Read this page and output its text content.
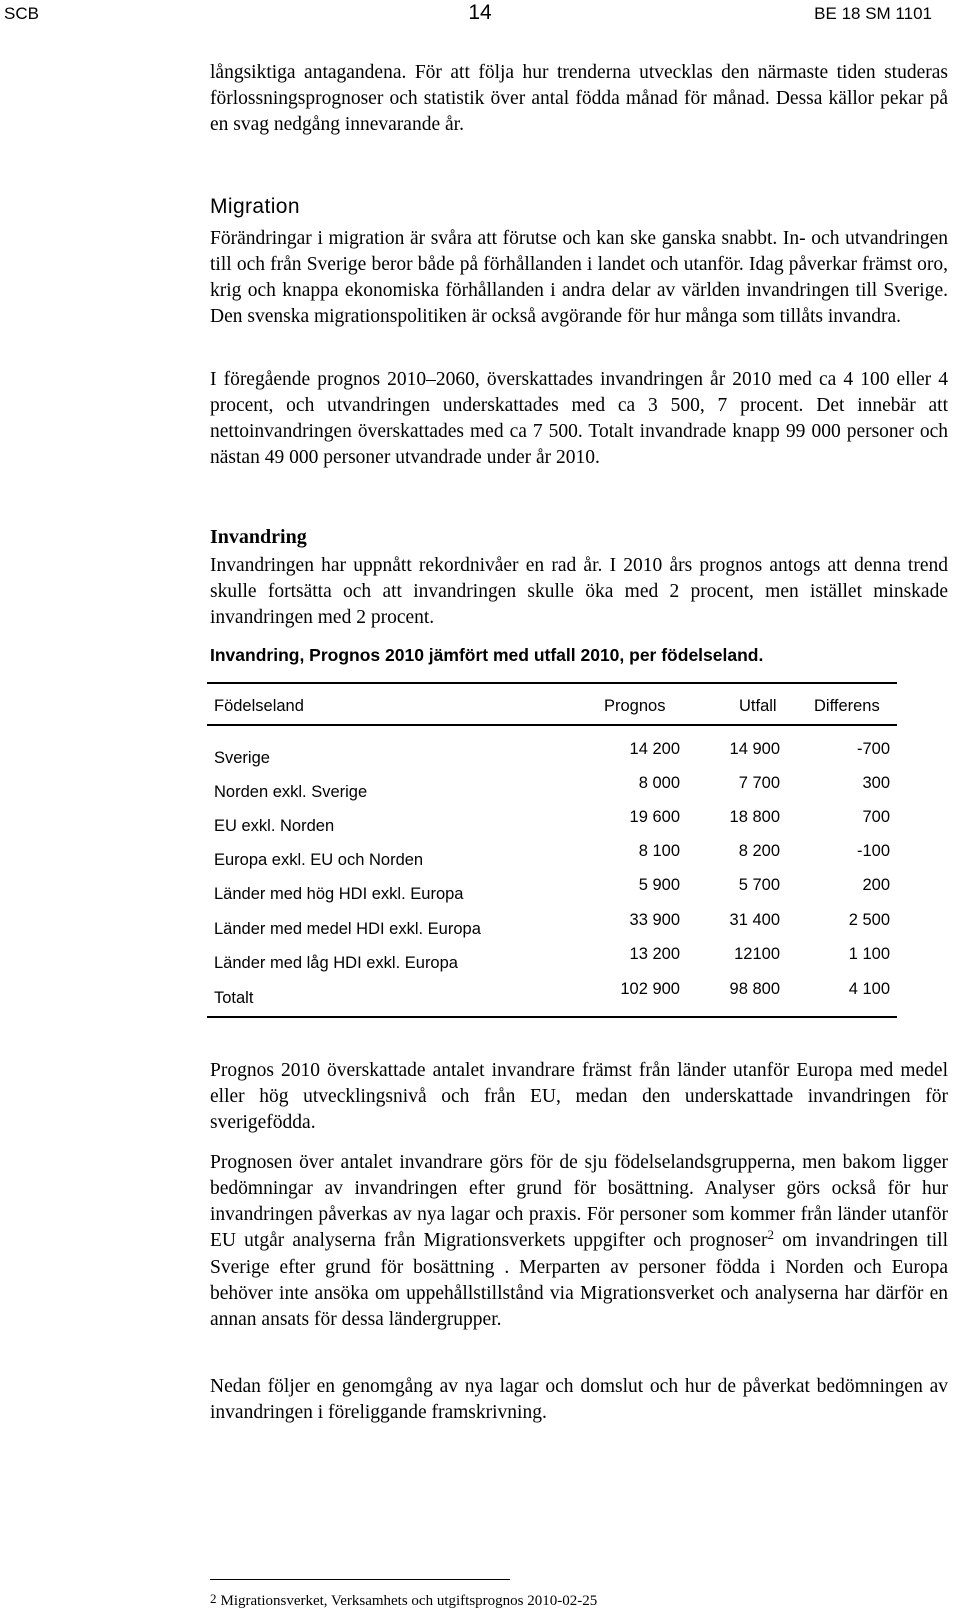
SCB	14	BE 18 SM 1101

långsiktiga antagandena. För att följa hur trenderna utvecklas den närmaste tiden studeras förlossningsprognoser och statistik över antal födda månad för månad. Dessa källor pekar på en svag nedgång innevarande år.

Migration

Förändringar i migration är svåra att förutse och kan ske ganska snabbt. In- och utvandringen till och från Sverige beror både på förhållanden i landet och utanför. Idag påverkar främst oro, krig och knappa ekonomiska förhållanden i andra delar av världen invandringen till Sverige. Den svenska migrationspolitiken är också avgörande för hur många som tillåts invandra.

I föregående prognos 2010–2060, överskattades invandringen år 2010 med ca 4 100 eller 4 procent, och utvandringen underskattades med ca 3 500, 7 procent. Det innebär att nettoinvandringen överskattades med ca 7 500. Totalt invandrade knapp 99 000 personer och nästan 49 000 personer utvandrade under år 2010.

Invandring

Invandringen har uppnått rekordnivåer en rad år. I 2010 års prognos antogs att denna trend skulle fortsätta och att invandringen skulle öka med 2 procent, men istället minskade invandringen med 2 procent.

Invandring, Prognos 2010 jämfört med utfall 2010, per födelseland.
Födelseland	Prognos	Utfall Differens
Sverige	14 200	14 900	-700
Norden exkl. Sverige	8 000	7 700	300
EU exkl. Norden	19 600	18 800	700
Europa exkl. EU och Norden	8 100	8 200	-100
Länder med hög HDI exkl. Europa	5 900	5 700	200
Länder med medel HDI exkl. Europa	33 900	31 400	2 500
Länder med låg HDI exkl. Europa	13 200	12100	1 100
Totalt	102 900	98 800	4 100

Prognos 2010 överskattade antalet invandrare främst från länder utanför Europa med medel eller hög utvecklingsnivå och från EU, medan den underskattade invandringen för sverigefödda.

Prognosen över antalet invandrare görs för de sju födelselandsgrupperna, men bakom ligger bedömningar av invandringen efter grund för bosättning. Analyser görs också för hur invandringen påverkas av nya lagar och praxis. För personer som kommer från länder utanför EU utgår analyserna från Migrationsverkets uppgifter och prognoser$^2$ om invandringen till Sverige efter grund för bosättning . Merparten av personer födda i Norden och Europa behöver inte ansöka om uppehållstillstånd via Migrationsverket och analyserna har därför en annan ansats för dessa ländergrupper.

Nedan följer en genomgång av nya lagar och domslut och hur de påverkat bedömningen av invandringen i föreliggande framskrivning.

$^2$ Migrationsverket, Verksamhets och utgiftsprognos 2010-02-25
